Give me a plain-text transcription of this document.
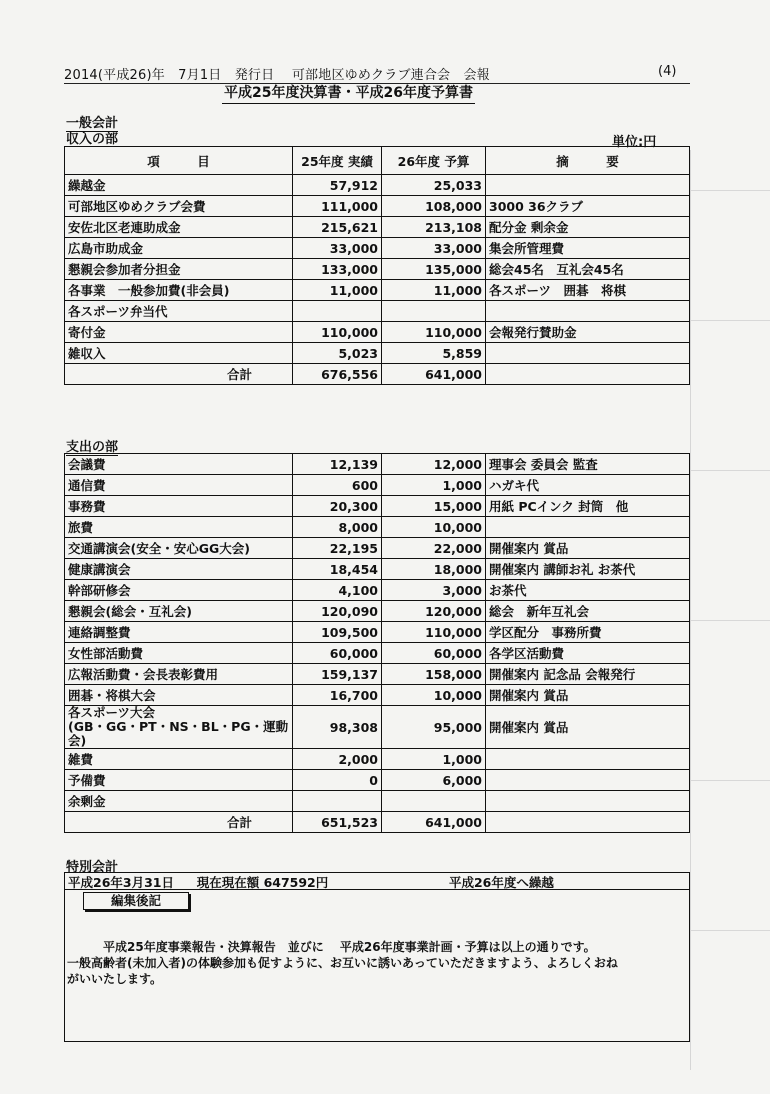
2014(平成26)年　7月1日　発行日　 可部地区ゆめクラブ連合会　会報	(4)
平成25年度決算書・平成26年度予算書
一般会計
収入の部	単位:円
項　　　目	25年度 実績	26年度 予算	摘　　　要
繰越金	57,912	25,033	
可部地区ゆめクラブ会費	111,000	108,000	3000 36クラブ
安佐北区老連助成金	215,621	213,108	配分金 剰余金
広島市助成金	33,000	33,000	集会所管理費
懇親会参加者分担金	133,000	135,000	総会45名　互礼会45名
各事業　一般参加費(非会員)	11,000	11,000	各スポーツ　囲碁　将棋
各スポーツ弁当代			
寄付金	110,000	110,000	会報発行賛助金
雑収入	5,023	5,859	
合計	676,556	641,000	
支出の部
会議費	12,139	12,000	理事会 委員会 監査
通信費	600	1,000	ハガキ代
事務費	20,300	15,000	用紙 PCインク 封筒　他
旅費	8,000	10,000	
交通講演会(安全・安心GG大会)	22,195	22,000	開催案内 賞品
健康講演会	18,454	18,000	開催案内 講師お礼 お茶代
幹部研修会	4,100	3,000	お茶代
懇親会(総会・互礼会)	120,090	120,000	総会　新年互礼会
連絡調整費	109,500	110,000	学区配分　事務所費
女性部活動費	60,000	60,000	各学区活動費
広報活動費・会長表彰費用	159,137	158,000	開催案内 記念品 会報発行
囲碁・将棋大会	16,700	10,000	開催案内 賞品
各スポーツ大会
(GB・GG・PT・NS・BL・PG・運動会)	98,308	95,000	開催案内 賞品
雑費	2,000	1,000	
予備費	0	6,000	
余剰金			
合計	651,523	641,000	
特別会計
平成26年3月31日 現在現在額 647592円	平成26年度へ繰越
編集後記
平成25年度事業報告・決算報告　並びに　 平成26年度事業計画・予算は以上の通りです。
一般高齢者(未加入者)の体験参加も促すように、お互いに誘いあっていただきますよう、よろしくおね
がいいたします。
